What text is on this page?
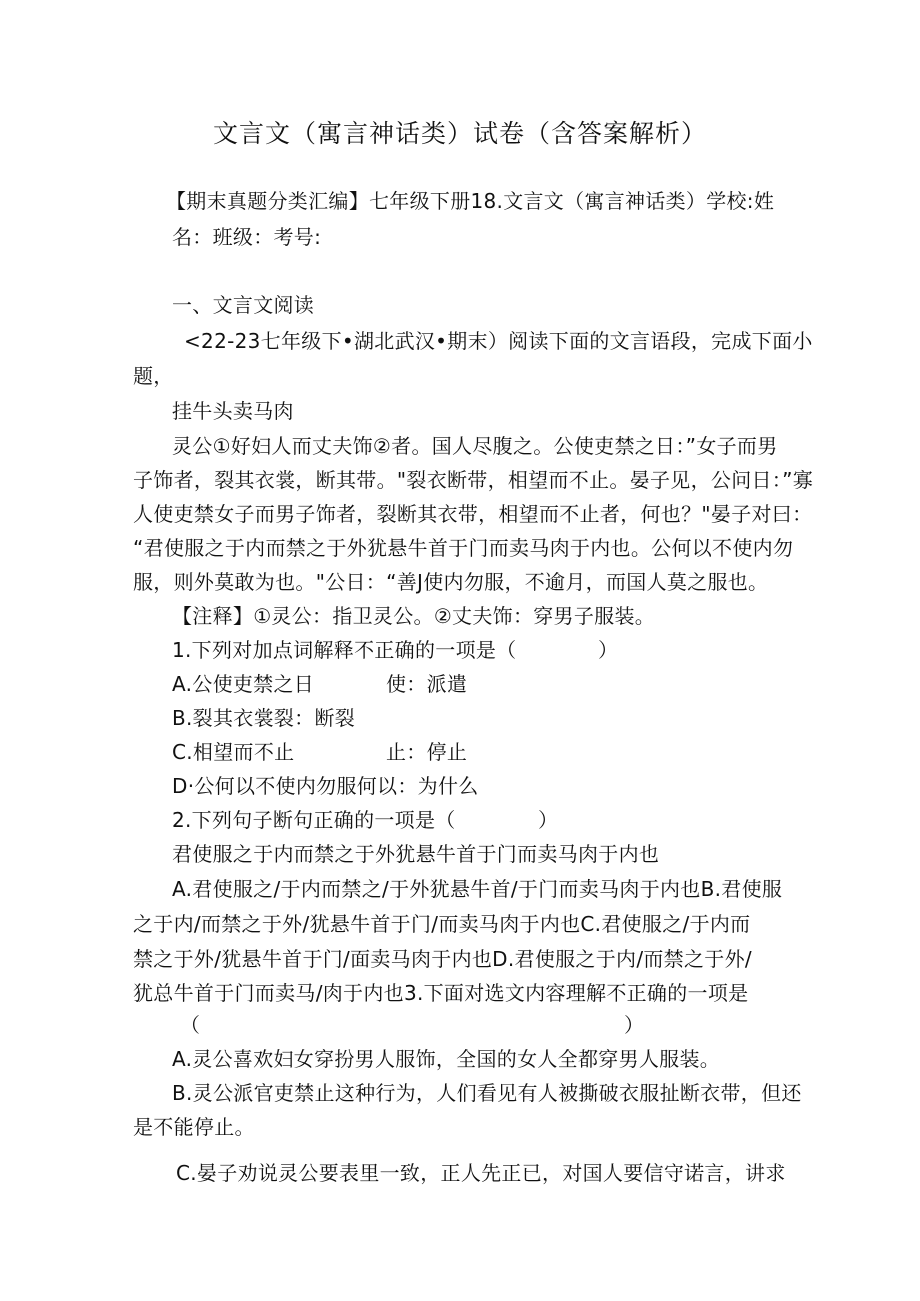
文言文（寓言神话类）试卷（含答案解析）
【期末真题分类汇编】七年级下册18.文言文（寓言神话类）学校:姓
名：班级：考号:
一、文言文阅读
<22-23七年级下•湖北武汉•期末）阅读下面的文言语段，完成下面小
题，
挂牛头卖马肉
灵公①好妇人而丈夫饰②者。国人尽腹之。公使吏禁之日：”女子而男
子饰者，裂其衣裳，断其带。"裂衣断带，相望而不止。晏子见，公问日：”寡
人使吏禁女子而男子饰者，裂断其衣带，相望而不止者，何也？"晏子对曰：
“君使服之于内而禁之于外犹悬牛首于门而卖马肉于内也。公何以不使内勿
服，则外莫敢为也。"公日：“善J使内勿服，不逾月，而国人莫之服也。
【注释】①灵公：指卫灵公。②丈夫饰：穿男子服装。
1.下列对加点词解释不正确的一项是（	）
A.公使吏禁之日	使：派遣
B.裂其衣裳裂：断裂
C.相望而不止	止：停止
D·公何以不使内勿服何以：为什么
2.下列句子断句正确的一项是（	）
君使服之于内而禁之于外犹悬牛首于门而卖马肉于内也
A.君使服之/于内而禁之/于外犹悬牛首/于门而卖马肉于内也B.君使服
之于内/而禁之于外/犹悬牛首于门/而卖马肉于内也C.君使服之/于内而
禁之于外/犹悬牛首于门/面卖马肉于内也D.君使服之于内/而禁之于外/
犹总牛首于门而卖马/肉于内也3.下面对选文内容理解不正确的一项是
（	）
A.灵公喜欢妇女穿扮男人服饰，全国的女人全都穿男人服装。
B.灵公派官吏禁止这种行为，人们看见有人被撕破衣服扯断衣带，但还
是不能停止。
C.晏子劝说灵公要表里一致，正人先正已，对国人要信守诺言，讲求
